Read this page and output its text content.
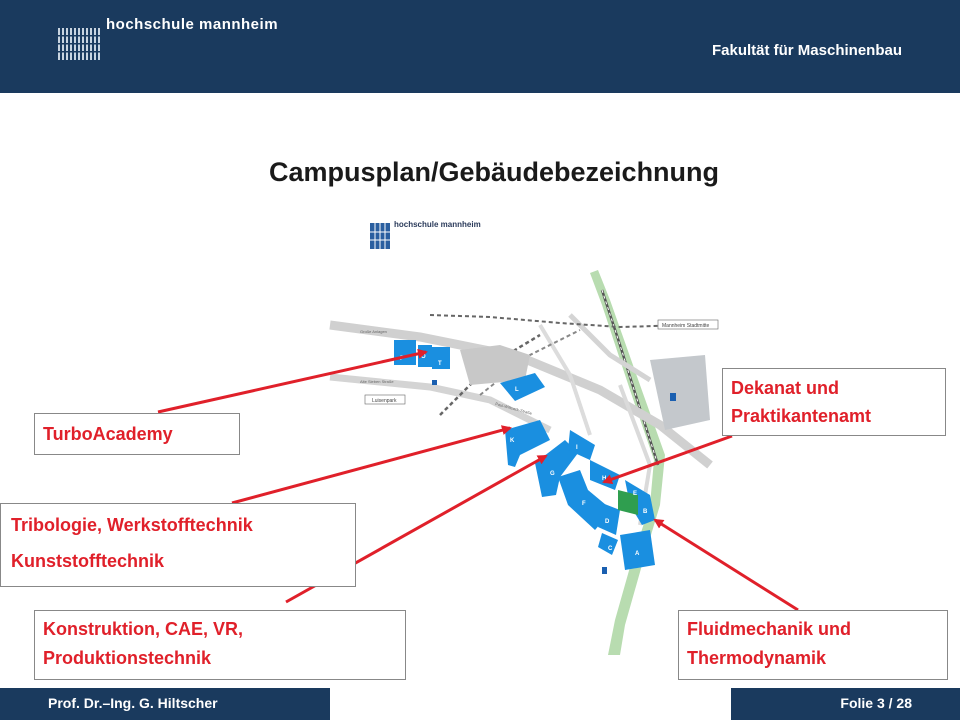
hochschule mannheim
Fakultät für Maschinenbau
Campusplan/Gebäudebezeichnung
hochschule mannheim
K
L
I
H
G
F
E
D
C
B
A
O
P
T
Große Anlagen
Alte Sieben Straße
Paul-Wittsack-Straße
Luisenpark
Mannheim Stadtmitte
TurboAcademy
Dekanat und
Praktikantenamt
Tribologie, Werkstofftechnik
Kunststofftechnik
Konstruktion, CAE, VR,
Produktionstechnik
Fluidmechanik und
Thermodynamik
Prof. Dr.–Ing. G. Hiltscher	Folie 3 / 28
